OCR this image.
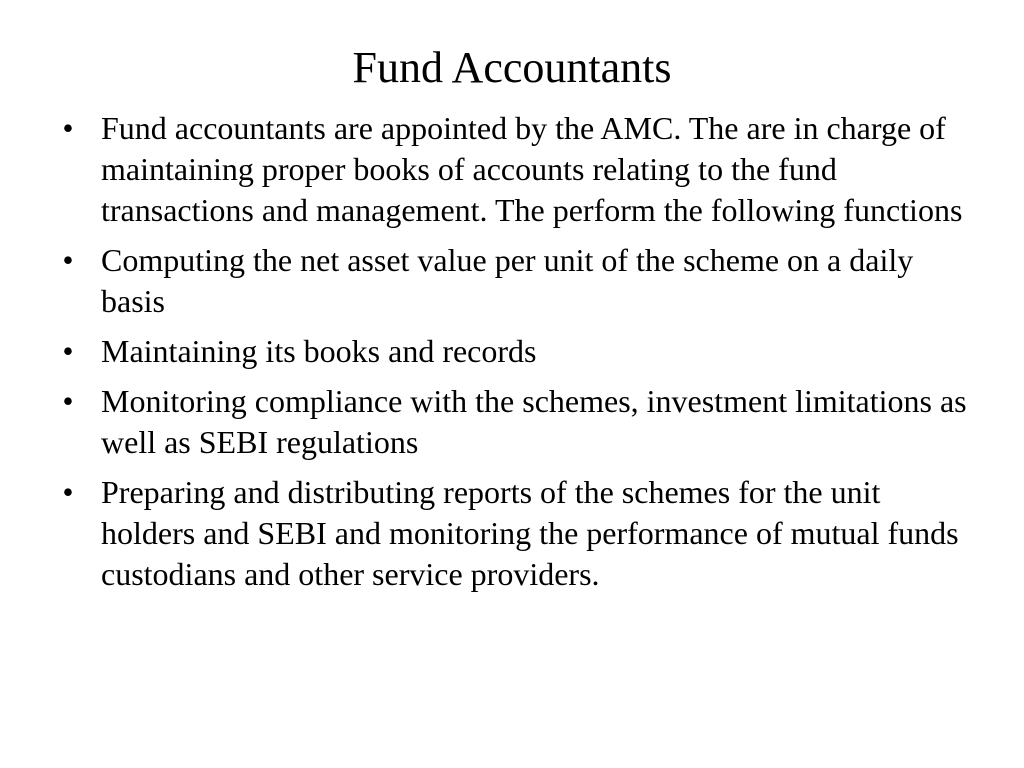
Fund Accountants
• Fund accountants are appointed by the AMC. The are in charge of maintaining proper books of accounts relating to the fund transactions and management. The perform the following functions
• Computing the net asset value per unit of the scheme on a daily basis
• Maintaining its books and records
• Monitoring compliance with the schemes, investment limitations as well as SEBI regulations
• Preparing and distributing reports of the schemes for the unit holders and SEBI and monitoring the performance of mutual funds custodians and other service providers.
